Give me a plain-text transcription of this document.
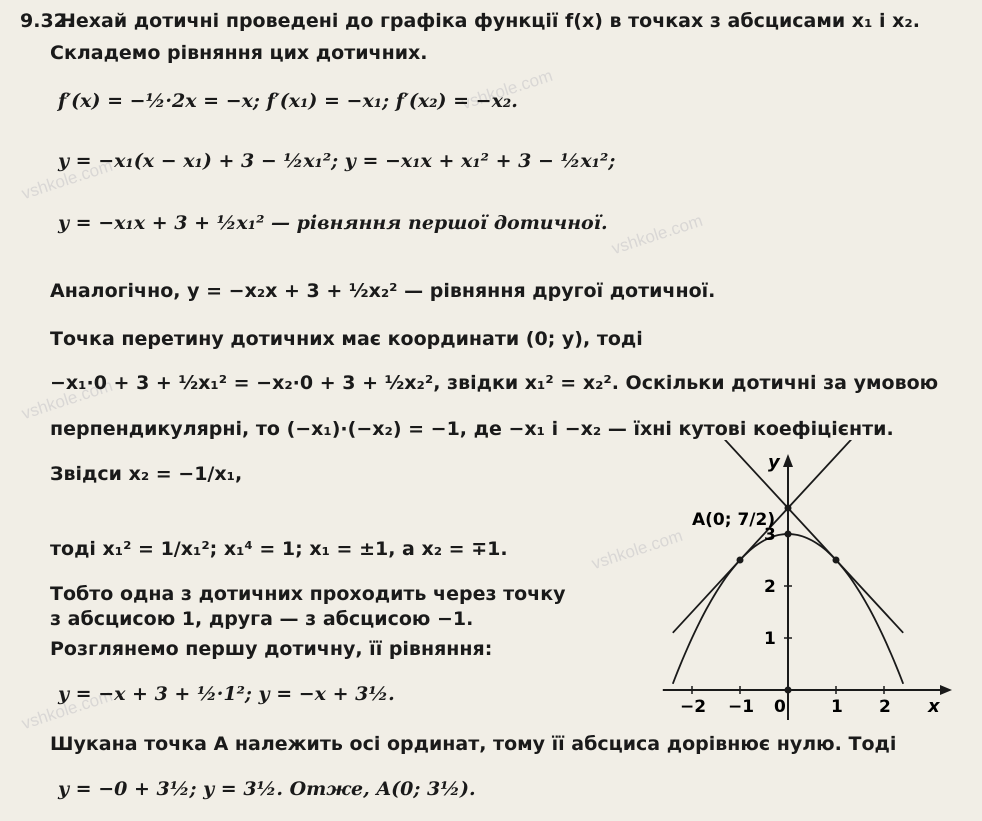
vshkole.com
vshkole.com
vshkole.com
vshkole.com
vshkole.com
vshkole.com
9.32.
Нехай дотичні проведені до графіка функції f(x) в точках з абсцисами x₁ і x₂.
Складемо рівняння цих дотичних.
f′(x) = −½·2x = −x; f′(x₁) = −x₁; f′(x₂) = −x₂.
y = −x₁(x − x₁) + 3 − ½x₁²; y = −x₁x + x₁² + 3 − ½x₁²;
y = −x₁x + 3 + ½x₁² — рівняння першої дотичної.
Аналогічно, y = −x₂x + 3 + ½x₂² — рівняння другої дотичної.
Точка перетину дотичних має координати (0; y), тоді
−x₁·0 + 3 + ½x₁² = −x₂·0 + 3 + ½x₂², звідки x₁² = x₂². Оскільки дотичні за умовою
перпендикулярні, то (−x₁)·(−x₂) = −1, де −x₁ і −x₂ — їхні кутові коефіцієнти.
Звідси x₂ = −1/x₁,
тоді x₁² = 1/x₁²; x₁⁴ = 1; x₁ = ±1, а x₂ = ∓1.
Тобто одна з дотичних проходить через точку
з абсцисою 1, друга — з абсцисою −1.
Розглянемо першу дотичну, її рівняння:
y = −x + 3 + ½·1²; y = −x + 3½.
Шукана точка A належить осі ординат, тому її абсциса дорівнює нулю. Тоді
y = −0 + 3½; y = 3½. Отже, A(0; 3½).
−2 −1	1 2
1
2
3
y
x
0
A(0; 7/2)
